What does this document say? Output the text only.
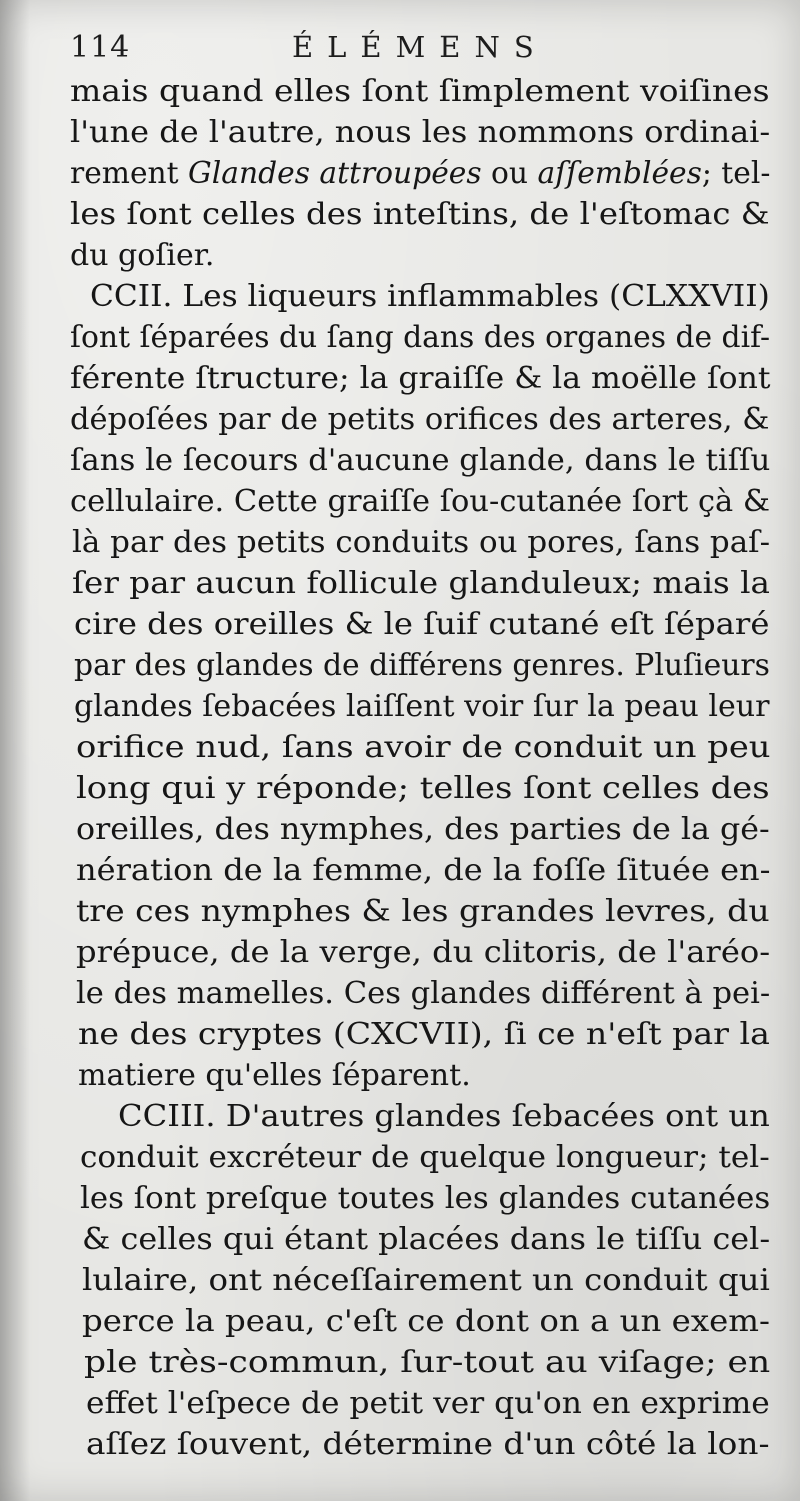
114	ÉLÉMENS
mais quand elles ſont ſimplement voiſines
l'une de l'autre, nous les nommons ordinai-
rement Glandes attroupées ou aſſemblées; tel-
les ſont celles des inteſtins, de l'eſtomac &
du goſier.
CCII. Les liqueurs inflammables (CLXXVII)
ſont ſéparées du ſang dans des organes de dif-
férente ſtructure; la graiſſe & la moëlle ſont
dépoſées par de petits orifices des arteres, &
ſans le ſecours d'aucune glande, dans le tiſſu
cellulaire. Cette graiſſe ſou-cutanée ſort çà &
là par des petits conduits ou pores, ſans paſ-
ſer par aucun follicule glanduleux; mais la
cire des oreilles & le ſuif cutané eſt ſéparé
par des glandes de différens genres. Pluſieurs
glandes ſebacées laiſſent voir ſur la peau leur
orifice nud, ſans avoir de conduit un peu
long qui y réponde; telles ſont celles des
oreilles, des nymphes, des parties de la gé-
nération de la femme, de la foſſe ſituée en-
tre ces nymphes & les grandes levres, du
prépuce, de la verge, du clitoris, de l'aréo-
le des mamelles. Ces glandes différent à pei-
ne des cryptes (CXCVII), ſi ce n'eſt par la
matiere qu'elles ſéparent.
CCIII. D'autres glandes ſebacées ont un
conduit excréteur de quelque longueur; tel-
les ſont preſque toutes les glandes cutanées
& celles qui étant placées dans le tiſſu cel-
lulaire, ont néceſſairement un conduit qui
perce la peau, c'eſt ce dont on a un exem-
ple très-commun, ſur-tout au viſage; en
effet l'eſpece de petit ver qu'on en exprime
aſſez ſouvent, détermine d'un côté la lon-
